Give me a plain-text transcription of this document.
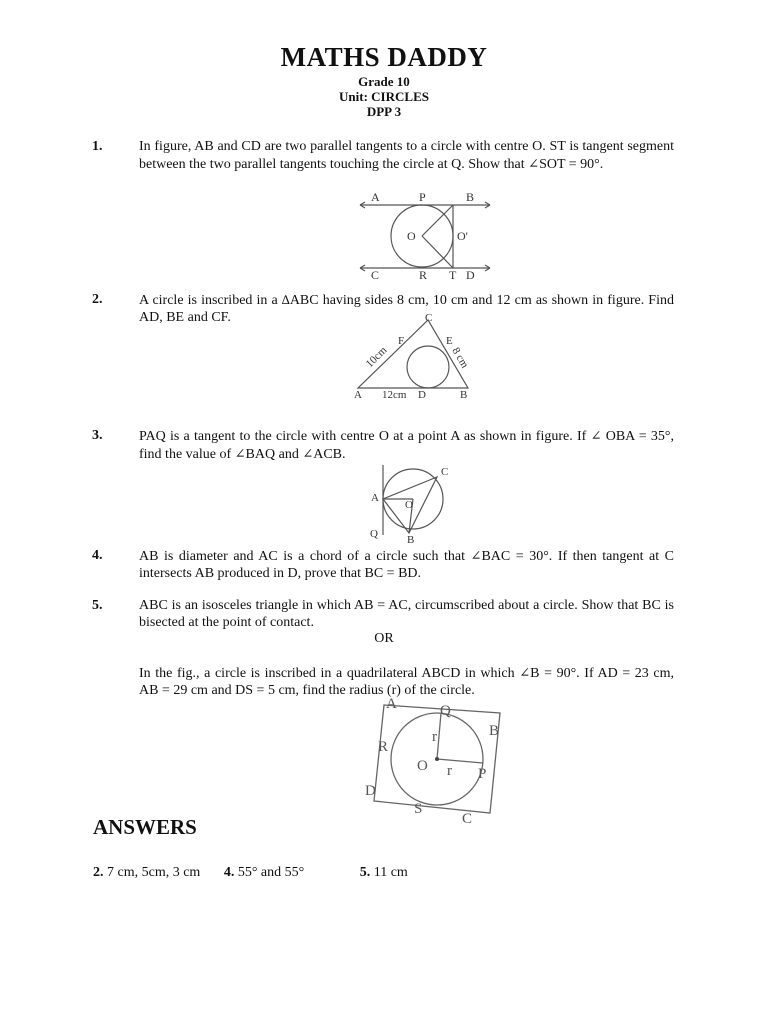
MATHS DADDY
Grade 10
Unit: CIRCLES
DPP 3
1.	In figure, AB and CD are two parallel tangents to a circle with centre O. ST is tangent segment between the two parallel tangents touching the circle at Q. Show that ∠SOT = 90°.
A	P	B
O	O'
C	R T D
2.	A circle is inscribed in a ∆ABC having sides 8 cm, 10 cm and 12 cm as shown in figure. Find AD, BE and CF.	C
F	E
10cm	8 cm
A 12cm D	B
3.	PAQ is a tangent to the circle with centre O at a point A as shown in figure. If ∠ OBA = 35°, find the value of ∠BAQ and ∠ACB.
C
A
O
Q	B
4.	AB is diameter and AC is a chord of a circle such that ∠BAC = 30°. If then tangent at C intersects AB produced in D, prove that BC = BD.
5.	ABC is an isosceles triangle in which AB = AC, circumscribed about a circle. Show that BC is bisected at the point of contact.
OR
In the fig., a circle is inscribed in a quadrilateral ABCD in which ∠B = 90°. If AD = 23 cm, AB = 29 cm and DS = 5 cm, find the radius (r) of the circle.
A	Q
B
R
r
O r P
D
S
C
ANSWERS
2. 7 cm, 5cm, 3 cm 4. 55° and 55°	5. 11 cm
